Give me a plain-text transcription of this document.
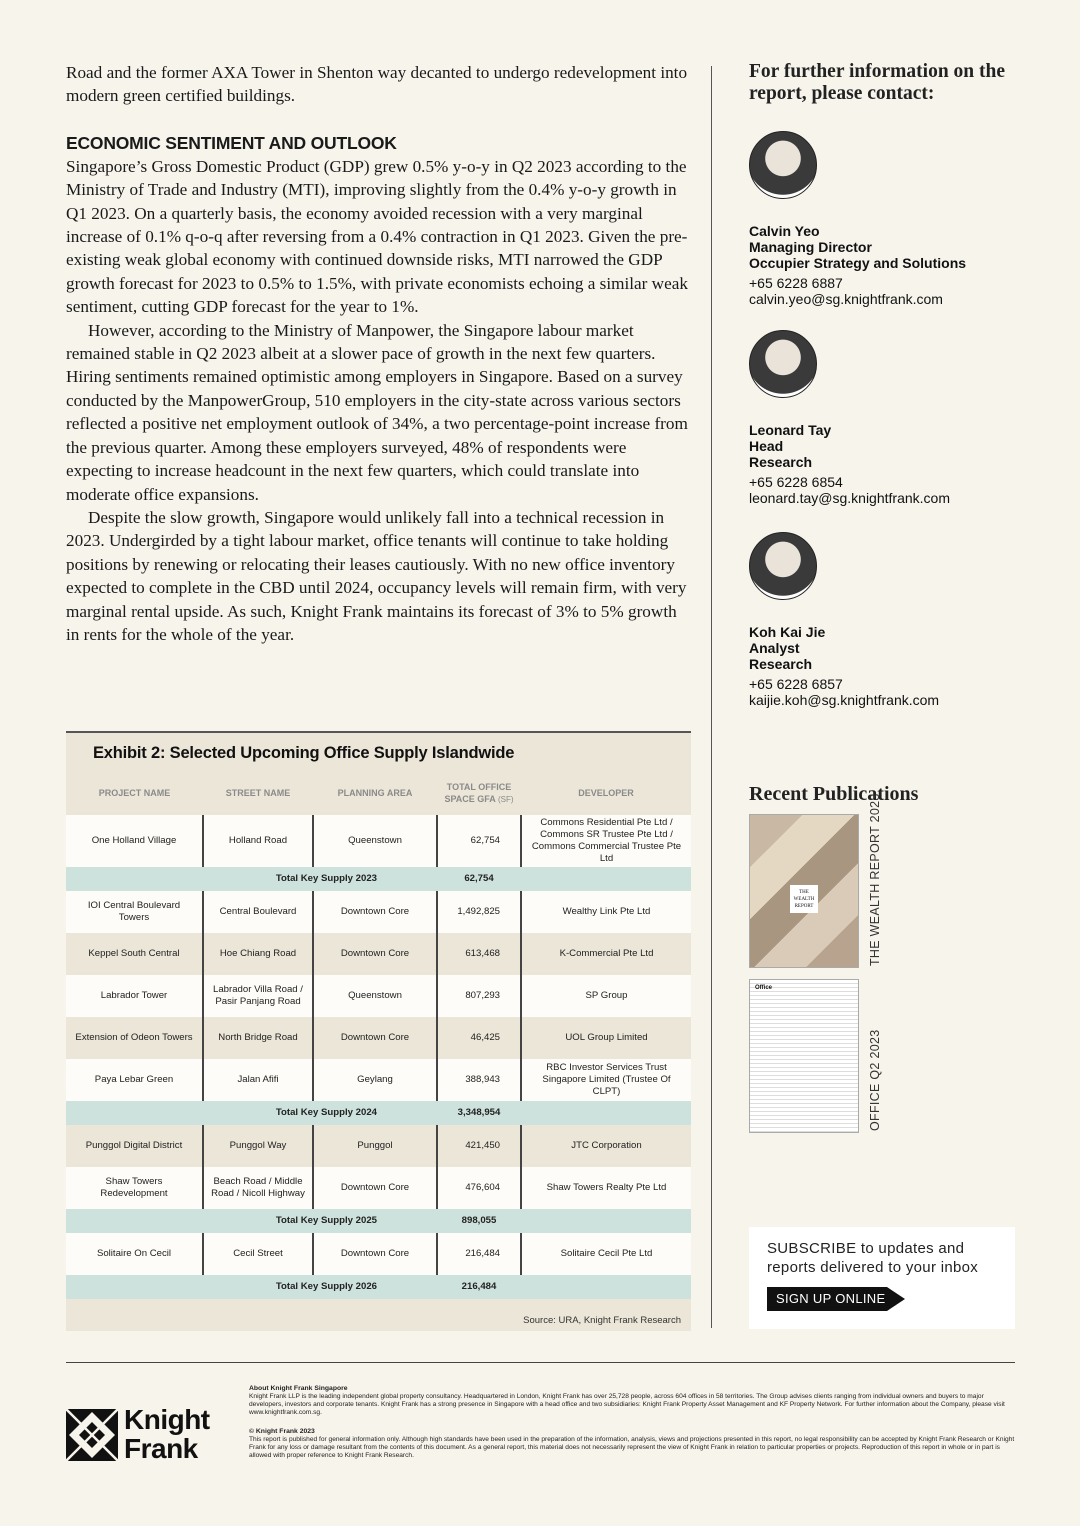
Road and the former AXA Tower in Shenton way decanted to undergo redevelopment into modern green certified buildings.

ECONOMIC SENTIMENT AND OUTLOOK

Singapore’s Gross Domestic Product (GDP) grew 0.5% y-o-y in Q2 2023 according to the Ministry of Trade and Industry (MTI), improving slightly from the 0.4% y-o-y growth in Q1 2023. On a quarterly basis, the economy avoided recession with a very marginal increase of 0.1% q-o-q after reversing from a 0.4% contraction in Q1 2023. Given the pre-existing weak global economy with continued downside risks, MTI narrowed the GDP growth forecast for 2023 to 0.5% to 1.5%, with private economists echoing a similar weak sentiment, cutting GDP forecast for the year to 1%.

However, according to the Ministry of Manpower, the Singapore labour market remained stable in Q2 2023 albeit at a slower pace of growth in the next few quarters. Hiring sentiments remained optimistic among employers in Singapore. Based on a survey conducted by the ManpowerGroup, 510 employers in the city-state across various sectors reflected a positive net employment outlook of 34%, a two percentage-point increase from the previous quarter. Among these employers surveyed, 48% of respondents were expecting to increase headcount in the next few quarters, which could translate into moderate office expansions.

Despite the slow growth, Singapore would unlikely fall into a technical recession in 2023. Undergirded by a tight labour market, office tenants will continue to take holding positions by renewing or relocating their leases cautiously. With no new office inventory expected to complete in the CBD until 2024, occupancy levels will remain firm, with very marginal rental upside. As such, Knight Frank maintains its forecast of 3% to 5% growth in rents for the whole of the year.

For further information on the report, please contact:
Calvin Yeo
Managing Director
Occupier Strategy and Solutions
+65 6228 6887
calvin.yeo@sg.knightfrank.com
Leonard Tay
Head
Research
+65 6228 6854
leonard.tay@sg.knightfrank.com
Koh Kai Jie
Analyst
Research
+65 6228 6857
kaijie.koh@sg.knightfrank.com
Recent Publications
THE WEALTH REPORT	THE WEALTH REPORT 2023
Office
OFFICE Q2 2023
SUBSCRIBE to updates and reports delivered to your inbox
SIGN UP ONLINE
Exhibit 2: Selected Upcoming Office Supply Islandwide
PROJECT NAME	STREET NAME	PLANNING AREA	TOTAL OFFICE SPACE GFA (SF)	DEVELOPER
One Holland Village	Holland Road	Queenstown	62,754	Commons Residential Pte Ltd / Commons SR Trustee Pte Ltd / Commons Commercial Trustee Pte Ltd
Total Key Supply 2023			62,754	
IOI Central Boulevard Towers	Central Boulevard	Downtown Core	1,492,825	Wealthy Link Pte Ltd
Keppel South Central	Hoe Chiang Road	Downtown Core	613,468	K-Commercial Pte Ltd
Labrador Tower	Labrador Villa Road / Pasir Panjang Road	Queenstown	807,293	SP Group
Extension of Odeon Towers	North Bridge Road	Downtown Core	46,425	UOL Group Limited
Paya Lebar Green	Jalan Afifi	Geylang	388,943	RBC Investor Services Trust Singapore Limited (Trustee Of CLPT)
Total Key Supply 2024			3,348,954	
Punggol Digital District	Punggol Way	Punggol	421,450	JTC Corporation
Shaw Towers Redevelopment	Beach Road / Middle Road / Nicoll Highway	Downtown Core	476,604	Shaw Towers Realty Pte Ltd
Total Key Supply 2025			898,055	
Solitaire On Cecil	Cecil Street	Downtown Core	216,484	Solitaire Cecil Pte Ltd
Total Key Supply 2026			216,484	
Source: URA, Knight Frank Research
Knight
Frank
About Knight Frank Singapore
Knight Frank LLP is the leading independent global property consultancy. Headquartered in London, Knight Frank has over 25,728 people, across 604 offices in 58 territories. The Group advises clients ranging from individual owners and buyers to major developers, investors and corporate tenants. Knight Frank has a strong presence in Singapore with a head office and two subsidiaries: Knight Frank Property Asset Management and KF Property Network. For further information about the Company, please visit www.knightfrank.com.sg.
© Knight Frank 2023
This report is published for general information only. Although high standards have been used in the preparation of the information, analysis, views and projections presented in this report, no legal responsibility can be accepted by Knight Frank Research or Knight Frank for any loss or damage resultant from the contents of this document. As a general report, this material does not necessarily represent the view of Knight Frank in relation to particular properties or projects. Reproduction of this report in whole or in part is allowed with proper reference to Knight Frank Research.
